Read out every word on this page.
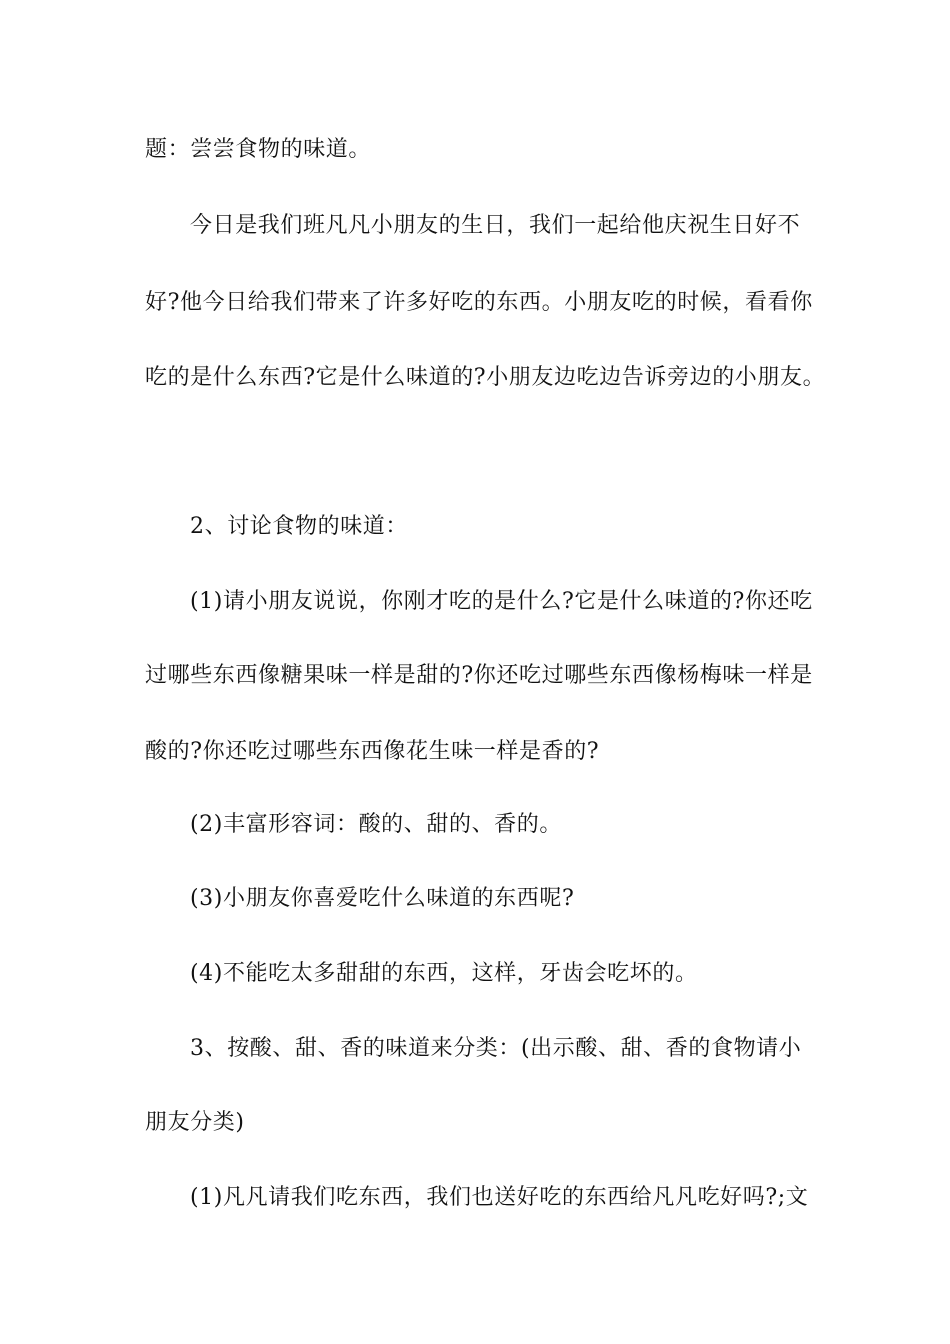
题：尝尝食物的味道。
今日是我们班凡凡小朋友的生日，我们一起给他庆祝生日好不
好?他今日给我们带来了许多好吃的东西。小朋友吃的时候，看看你
吃的是什么东西?它是什么味道的?小朋友边吃边告诉旁边的小朋友。
2、讨论食物的味道：
(1)请小朋友说说，你刚才吃的是什么?它是什么味道的?你还吃
过哪些东西像糖果味一样是甜的?你还吃过哪些东西像杨梅味一样是
酸的?你还吃过哪些东西像花生味一样是香的?
(2)丰富形容词：酸的、甜的、香的。
(3)小朋友你喜爱吃什么味道的东西呢?
(4)不能吃太多甜甜的东西，这样，牙齿会吃坏的。
3、按酸、甜、香的味道来分类：(出示酸、甜、香的食物请小
朋友分类)
(1)凡凡请我们吃东西，我们也送好吃的东西给凡凡吃好吗?;文
